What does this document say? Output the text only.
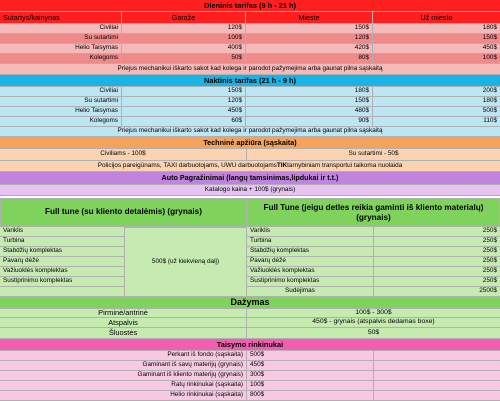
Dieninis tarifas (9 h - 21 h)
Sutartys/kainynas	Garaže	Mieste	Už miesto
Civiliai	120$	150$	180$
Su sutartimi	100$	120$	150$
Helio Taisymas	400$	420$	450$
Kolegoms	50$	80$	100$
Priejus mechanikui iškarto sakot kad kolega ir parodot pažymejima arba gaunat pilna sąskaitą
Naktinis tarifas (21 h - 9 h)
Civiliai	150$	180$	200$
Su sutartimi	120$	150$	180$
Helio Taisymas	450$	480$	500$
Kolegoms	60$	90$	110$
Priejus mechanikui iškarto sakot kad kolega ir parodot pažymejima arba gaunat pilna sąskaitą
Techninė apžiūra (sąskaita)
Civiliams - 100$	Su sutartimi - 50$
Policijos pareigūnams, TAXI darbuotojams, UWU darbuotojams TIK tarnybiniam transportui taikoma nuolaida
Auto Pagražinimai (langų tamsinimas,lipdukai ir t.t.)
Katalogo kaina + 100$ (grynais)
Full tune (su kliento detalėmis) (grynais)
Full Tune (jeigu detles reikia gaminti iš kliento materialų) (grynais)
Variklis
Turbina
Stabdžių komplektas
Pavarų dėžė
Važiuoklės komplektas
Sustiprinimo komplektas
500$ (už kiekvieną dalį)
Variklis	250$
Turbina	250$
Stabdžių komplektas	250$
Pavarų dėžė	250$
Važiuoklės komplektas	250$
Sustiprinimo komplektas	250$
Sudėjimas	2500$
Dažymas
Pirminė/antrinė	100$ - 300$
Atspalvis	450$ - grynais (atspalvis dedamas boxe)
Šluostės	50$
Taisymo rinkinukai
Perkant iš fondo (sąskaita)	500$
Gaminant iš savų materijų (grynais)	450$
Gaminant iš kliento materijų (grynais)	300$
Ratų rinkinukai (sąskaita)	100$
Helio rinkinukai (sąskaita)	800$
